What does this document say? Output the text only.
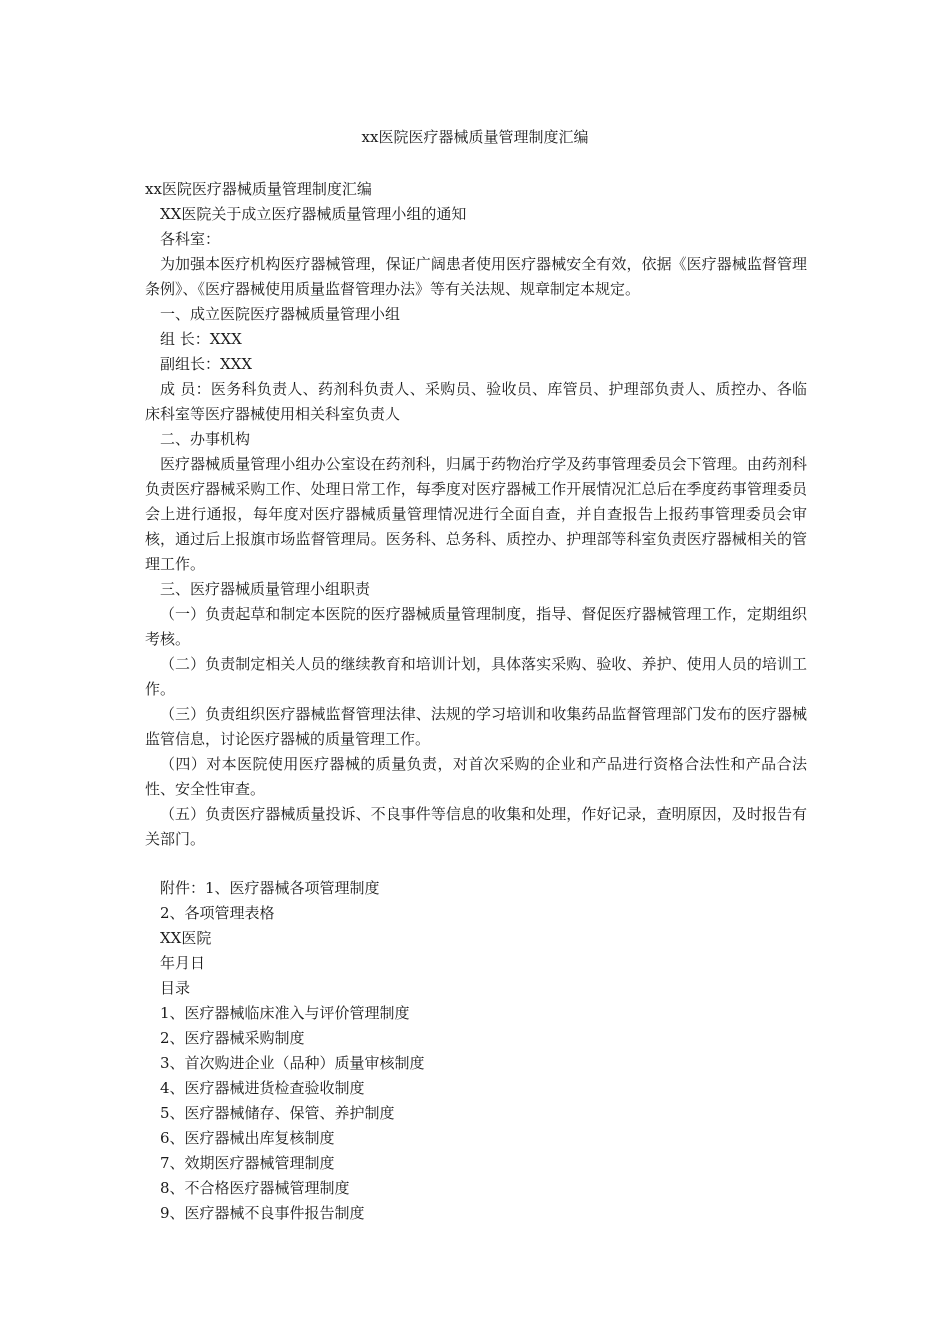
xx医院医疗器械质量管理制度汇编

xx医院医疗器械质量管理制度汇编

XX医院关于成立医疗器械质量管理小组的通知

各科室：

为加强本医疗机构医疗器械管理，保证广阔患者使用医疗器械安全有效，依据《医疗器械监督管理条例》、《医疗器械使用质量监督管理办法》等有关法规、规章制定本规定。

一、成立医院医疗器械质量管理小组

组 长：XXX

副组长：XXX

成 员：医务科负责人、药剂科负责人、采购员、验收员、库管员、护理部负责人、质控办、各临床科室等医疗器械使用相关科室负责人

二、办事机构

医疗器械质量管理小组办公室设在药剂科，归属于药物治疗学及药事管理委员会下管理。由药剂科负责医疗器械采购工作、处理日常工作，每季度对医疗器械工作开展情况汇总后在季度药事管理委员会上进行通报，每年度对医疗器械质量管理情况进行全面自查，并自查报告上报药事管理委员会审核，通过后上报旗市场监督管理局。医务科、总务科、质控办、护理部等科室负责医疗器械相关的管理工作。

三、医疗器械质量管理小组职责

（一）负责起草和制定本医院的医疗器械质量管理制度，指导、督促医疗器械管理工作，定期组织考核。

（二）负责制定相关人员的继续教育和培训计划，具体落实采购、验收、养护、使用人员的培训工作。

（三）负责组织医疗器械监督管理法律、法规的学习培训和收集药品监督管理部门发布的医疗器械监管信息，讨论医疗器械的质量管理工作。

（四）对本医院使用医疗器械的质量负责，对首次采购的企业和产品进行资格合法性和产品合法性、安全性审查。

（五）负责医疗器械质量投诉、不良事件等信息的收集和处理，作好记录，查明原因，及时报告有关部门。

附件：1、医疗器械各项管理制度

2、各项管理表格

XX医院

年月日

目录

1、医疗器械临床准入与评价管理制度

2、医疗器械采购制度

3、首次购进企业（品种）质量审核制度

4、医疗器械进货检查验收制度

5、医疗器械储存、保管、养护制度

6、医疗器械出库复核制度

7、效期医疗器械管理制度

8、不合格医疗器械管理制度

9、医疗器械不良事件报告制度
